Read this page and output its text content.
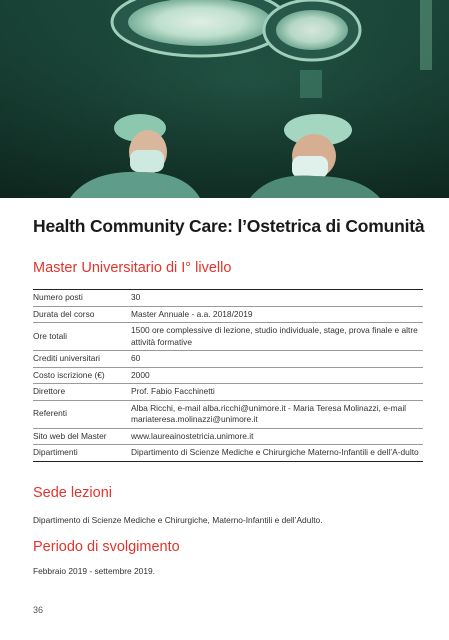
Health Community Care: l’Ostetrica di Comunità
Master Universitario di I° livello
Numero posti	30
Durata del corso	Master Annuale - a.a. 2018/2019
Ore totali	1500 ore complessive di lezione, studio individuale, stage, prova finale e altre attività formative
Crediti universitari	60
Costo iscrizione (€)	2000
Direttore	Prof. Fabio Facchinetti
Referenti	Alba Ricchi, e-mail alba.ricchi@unimore.it - Maria Teresa Molinazzi, e-mail mariateresa.molinazzi@unimore.it
Sito web del Master	www.laureainostetricia.unimore.it
Dipartimenti	Dipartimento di Scienze Mediche e Chirurgiche Materno-Infantili e dell’A-dulto
Sede lezioni

Dipartimento di Scienze Mediche e Chirurgiche, Materno-Infantili e dell’Adulto.

Periodo di svolgimento

Febbraio 2019 - settembre 2019.

36
